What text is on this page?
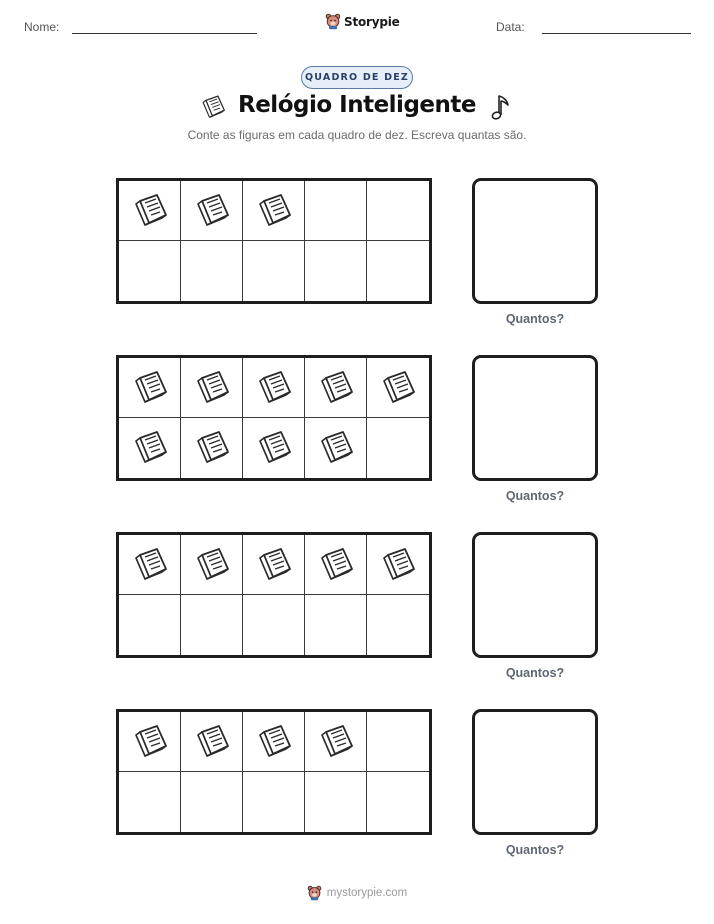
Nome:	Storypie	Data:
QUADRO DE DEZ
Relógio Inteligente
Conte as figuras em cada quadro de dez. Escreva quantas são.
Quantos?
Quantos?
Quantos?
Quantos?
mystorypie.com
